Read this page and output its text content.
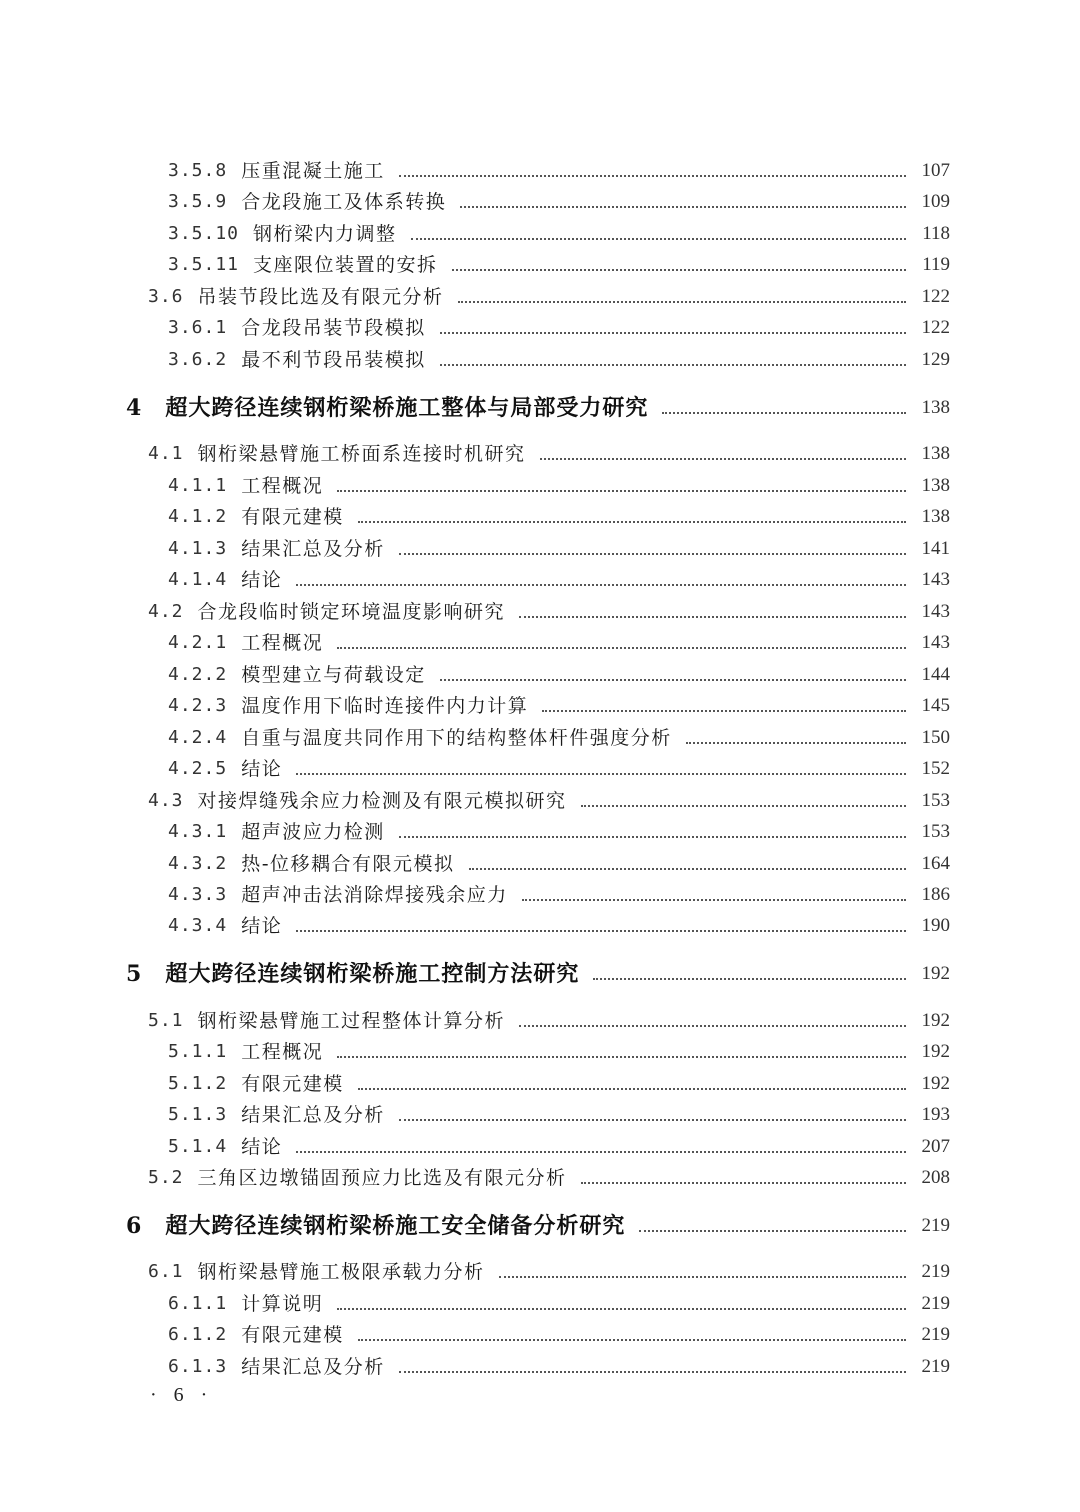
3.5.8 压重混凝土施工	107
3.5.9 合龙段施工及体系转换	109
3.5.10 钢桁梁内力调整	118
3.5.11 支座限位装置的安拆	119
3.6 吊装节段比选及有限元分析	122
3.6.1 合龙段吊装节段模拟	122
3.6.2 最不利节段吊装模拟	129
4 超大跨径连续钢桁梁桥施工整体与局部受力研究	138
4.1 钢桁梁悬臂施工桥面系连接时机研究	138
4.1.1 工程概况	138
4.1.2 有限元建模	138
4.1.3 结果汇总及分析	141
4.1.4 结论	143
4.2 合龙段临时锁定环境温度影响研究	143
4.2.1 工程概况	143
4.2.2 模型建立与荷载设定	144
4.2.3 温度作用下临时连接件内力计算	145
4.2.4 自重与温度共同作用下的结构整体杆件强度分析	150
4.2.5 结论	152
4.3 对接焊缝残余应力检测及有限元模拟研究	153
4.3.1 超声波应力检测	153
4.3.2 热-位移耦合有限元模拟	164
4.3.3 超声冲击法消除焊接残余应力	186
4.3.4 结论	190
5 超大跨径连续钢桁梁桥施工控制方法研究	192
5.1 钢桁梁悬臂施工过程整体计算分析	192
5.1.1 工程概况	192
5.1.2 有限元建模	192
5.1.3 结果汇总及分析	193
5.1.4 结论	207
5.2 三角区边墩锚固预应力比选及有限元分析	208
6 超大跨径连续钢桁梁桥施工安全储备分析研究	219
6.1 钢桁梁悬臂施工极限承载力分析	219
6.1.1 计算说明	219
6.1.2 有限元建模	219
6.1.3 结果汇总及分析	219
· 6 ·
